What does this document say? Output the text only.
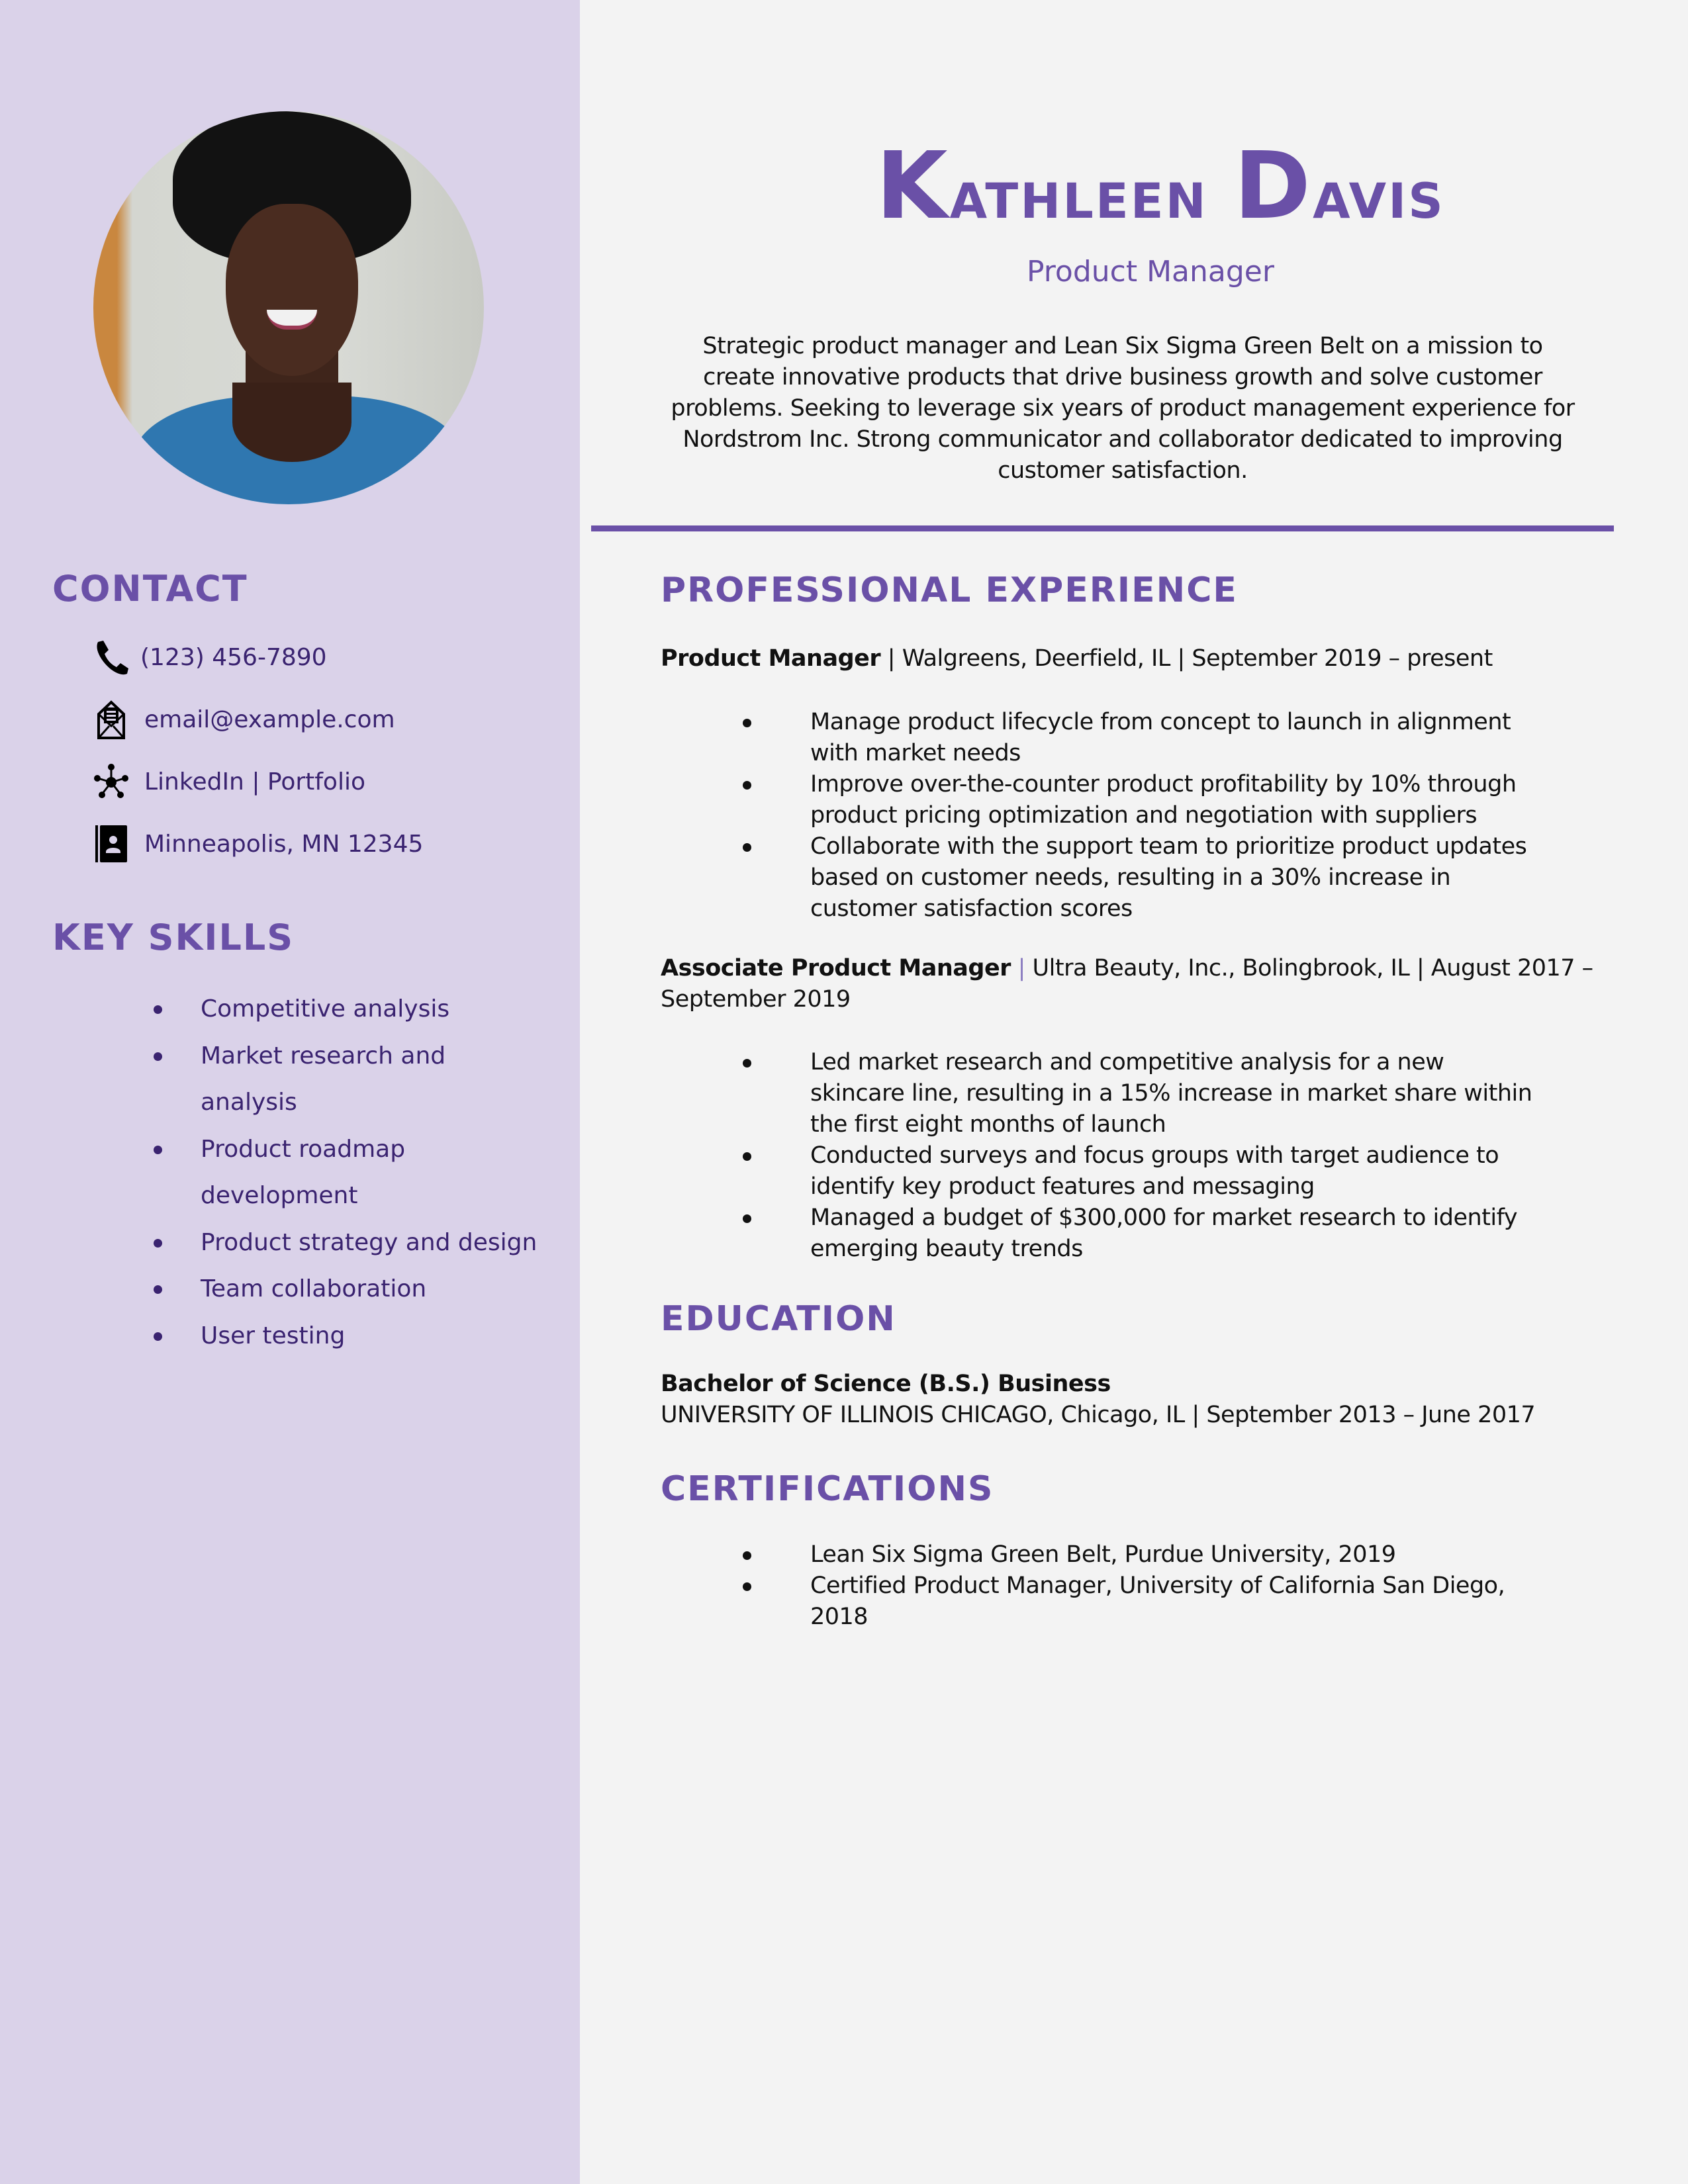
CONTACT
(123) 456-7890
email@example.com
LinkedIn | Portfolio
Minneapolis, MN 12345
KEY SKILLS
Competitive analysis
Market research and analysis
Product roadmap development
Product strategy and design
Team collaboration
User testing
Kathleen Davis
Product Manager
Strategic product manager and Lean Six Sigma Green Belt on a mission to create innovative products that drive business growth and solve customer problems. Seeking to leverage six years of product management experience for Nordstrom Inc. Strong communicator and collaborator dedicated to improving customer satisfaction.
PROFESSIONAL EXPERIENCE
Product Manager | Walgreens, Deerfield, IL | September 2019 – present
Manage product lifecycle from concept to launch in alignment with market needs
Improve over-the-counter product profitability by 10% through product pricing optimization and negotiation with suppliers
Collaborate with the support team to prioritize product updates based on customer needs, resulting in a 30% increase in customer satisfaction scores
Associate Product Manager | Ultra Beauty, Inc., Bolingbrook, IL | August 2017 – September 2019
Led market research and competitive analysis for a new skincare line, resulting in a 15% increase in market share within the first eight months of launch
Conducted surveys and focus groups with target audience to identify key product features and messaging
Managed a budget of $300,000 for market research to identify emerging beauty trends
EDUCATION
Bachelor of Science (B.S.) Business
UNIVERSITY OF ILLINOIS CHICAGO, Chicago, IL | September 2013 – June 2017
CERTIFICATIONS
Lean Six Sigma Green Belt, Purdue University, 2019
Certified Product Manager, University of California San Diego, 2018
